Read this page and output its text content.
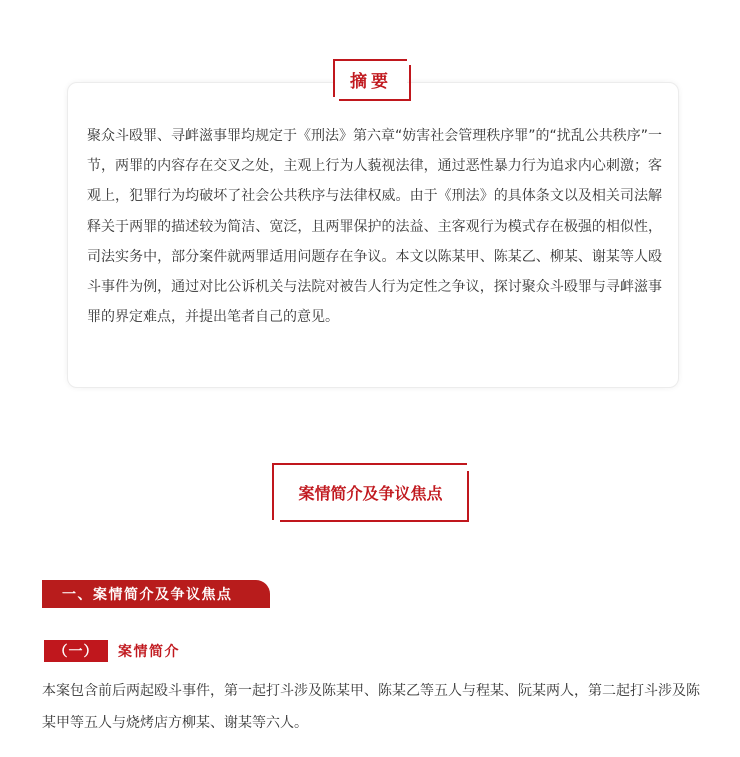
摘要

聚众斗殴罪、寻衅滋事罪均规定于《刑法》第六章“妨害社会管理秩序罪”的“扰乱公共秩序”一节，两罪的内容存在交叉之处，主观上行为人藐视法律，通过恶性暴力行为追求内心刺激；客观上，犯罪行为均破坏了社会公共秩序与法律权威。由于《刑法》的具体条文以及相关司法解释关于两罪的描述较为简洁、宽泛，且两罪保护的法益、主客观行为模式存在极强的相似性，司法实务中，部分案件就两罪适用问题存在争议。本文以陈某甲、陈某乙、柳某、谢某等人殴斗事件为例，通过对比公诉机关与法院对被告人行为定性之争议，探讨聚众斗殴罪与寻衅滋事罪的界定难点，并提出笔者自己的意见。

案情简介及争议焦点
一、案情简介及争议焦点
（一）	案情简介

本案包含前后两起殴斗事件，第一起打斗涉及陈某甲、陈某乙等五人与程某、阮某两人，第二起打斗涉及陈某甲等五人与烧烤店方柳某、谢某等六人。
